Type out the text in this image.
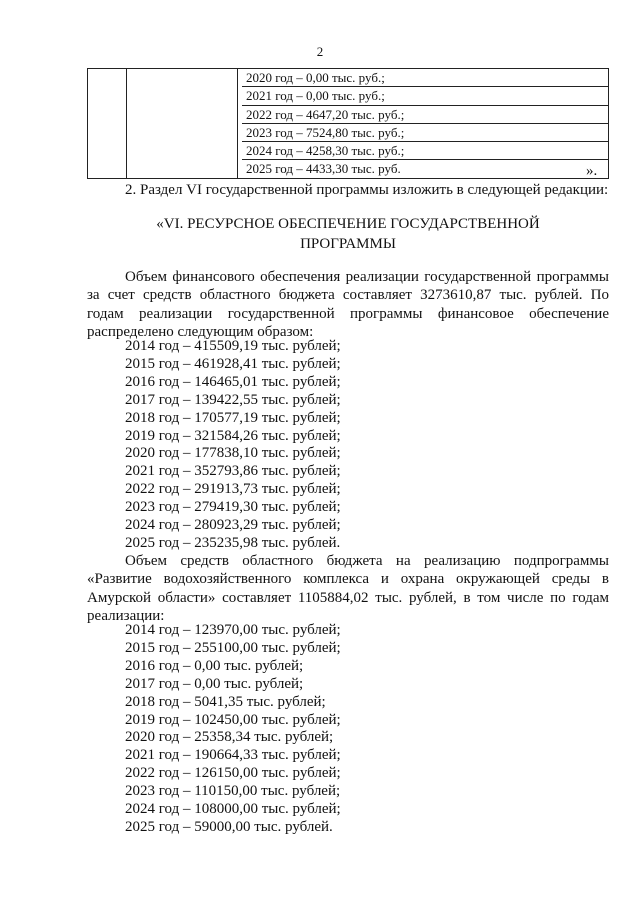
2

2020 год – 0,00 тыс. руб.;
2021 год – 0,00 тыс. руб.;
2022 год – 4647,20 тыс. руб.;
2023 год – 7524,80 тыс. руб.;
2024 год – 4258,30 тыс. руб.;
2025 год – 4433,30 тыс. руб.	».
2. Раздел VI государственной программы изложить в следующей редакции:
«VI. РЕСУРСНОЕ ОБЕСПЕЧЕНИЕ ГОСУДАРСТВЕННОЙ
ПРОГРАММЫ
Объем финансового обеспечения реализации государственной программы за счет средств областного бюджета составляет 3273610,87 тыс. рублей. По годам реализации государственной программы финансовое обеспечение распределено следующим образом:
2014 год – 415509,19 тыс. рублей;
2015 год – 461928,41 тыс. рублей;
2016 год – 146465,01 тыс. рублей;
2017 год – 139422,55 тыс. рублей;
2018 год – 170577,19 тыс. рублей;
2019 год – 321584,26 тыс. рублей;
2020 год – 177838,10 тыс. рублей;
2021 год – 352793,86 тыс. рублей;
2022 год – 291913,73 тыс. рублей;
2023 год – 279419,30 тыс. рублей;
2024 год – 280923,29 тыс. рублей;
2025 год – 235235,98 тыс. рублей.
Объем средств областного бюджета на реализацию подпрограммы «Развитие водохозяйственного комплекса и охрана окружающей среды в Амурской области» составляет 1105884,02 тыс. рублей, в том числе по годам реализации:
2014 год – 123970,00 тыс. рублей;
2015 год – 255100,00 тыс. рублей;
2016 год – 0,00 тыс. рублей;
2017 год – 0,00 тыс. рублей;
2018 год – 5041,35 тыс. рублей;
2019 год – 102450,00 тыс. рублей;
2020 год – 25358,34 тыс. рублей;
2021 год – 190664,33 тыс. рублей;
2022 год – 126150,00 тыс. рублей;
2023 год – 110150,00 тыс. рублей;
2024 год – 108000,00 тыс. рублей;
2025 год – 59000,00 тыс. рублей.
